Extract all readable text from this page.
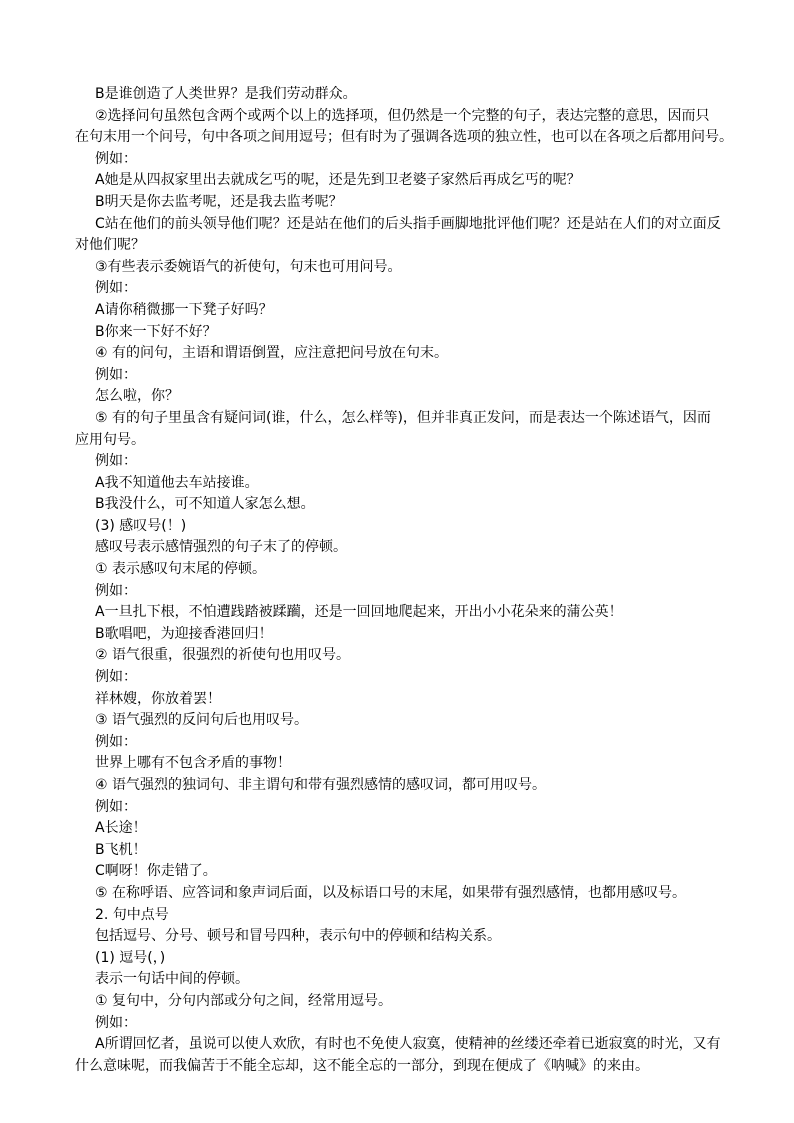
B是谁创造了人类世界？是我们劳动群众。

②选择问句虽然包含两个或两个以上的选择项，但仍然是一个完整的句子，表达完整的意思，因而只

在句末用一个问号，句中各项之间用逗号；但有时为了强调各选项的独立性，也可以在各项之后都用问号。

例如：

A她是从四叔家里出去就成乞丐的呢，还是先到卫老婆子家然后再成乞丐的呢？

B明天是你去监考呢，还是我去监考呢？

C站在他们的前头领导他们呢？还是站在他们的后头指手画脚地批评他们呢？还是站在人们的对立面反

对他们呢？

③有些表示委婉语气的祈使句，句末也可用问号。

例如：

A请你稍微挪一下凳子好吗？

B你来一下好不好？

④ 有的问句，主语和谓语倒置，应注意把问号放在句末。

例如：

怎么啦，你？

⑤ 有的句子里虽含有疑问词(谁，什么，怎么样等)，但并非真正发问，而是表达一个陈述语气，因而

应用句号。

例如：

A我不知道他去车站接谁。

B我没什么，可不知道人家怎么想。

(3) 感叹号(！)

感叹号表示感情强烈的句子末了的停顿。

① 表示感叹句末尾的停顿。

例如：

A一旦扎下根，不怕遭践踏被蹂躏，还是一回回地爬起来，开出小小花朵来的蒲公英！

B歌唱吧，为迎接香港回归！

② 语气很重，很强烈的祈使句也用叹号。

例如：

祥林嫂，你放着罢！

③ 语气强烈的反问句后也用叹号。

例如：

世界上哪有不包含矛盾的事物！

④ 语气强烈的独词句、非主谓句和带有强烈感情的感叹词，都可用叹号。

例如：

A长途！

B飞机！

C啊呀！你走错了。

⑤ 在称呼语、应答词和象声词后面，以及标语口号的末尾，如果带有强烈感情，也都用感叹号。

2. 句中点号

包括逗号、分号、顿号和冒号四种，表示句中的停顿和结构关系。

(1) 逗号(，)

表示一句话中间的停顿。

① 复句中，分句内部或分句之间，经常用逗号。

例如：

A所谓回忆者，虽说可以使人欢欣，有时也不免使人寂寞，使精神的丝缕还牵着已逝寂寞的时光，又有

什么意味呢，而我偏苦于不能全忘却，这不能全忘的一部分，到现在便成了《呐喊》的来由。
